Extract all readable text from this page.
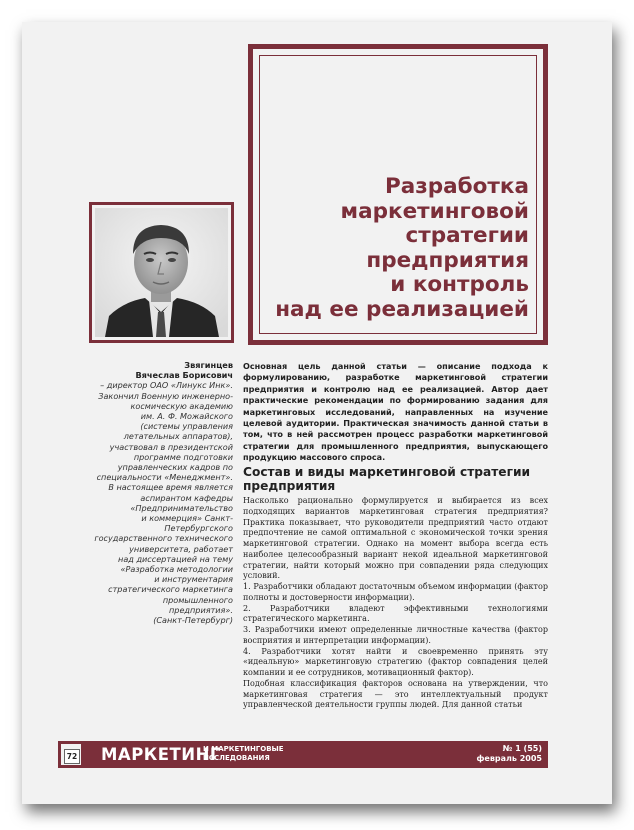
Разработка
маркетинговой
стратегии
предприятия
и контроль
над ее реализацией
Звягинцев
Вячеслав Борисович
– директор ОАО «Линукс Инк».
Закончил Военную инженерно-
космическую академию
им. А. Ф. Можайского
(системы управления
летательных аппаратов),
участвовал в президентской
программе подготовки
управленческих кадров по
специальности «Менеджмент».
В настоящее время является
аспирантом кафедры
«Предпринимательство
и коммерция» Санкт-
Петербургского
государственного технического
университета, работает
над диссертацией на тему
«Разработка методологии
и инструментария
стратегического маркетинга
промышленного
предприятия».
(Санкт-Петербург)
Основная цель данной статьи — описание подхода к формулированию, разработке маркетинговой стратегии предприятия и контролю над ее реализацией. Автор дает практические рекомендации по формированию задания для маркетинговых исследований, направленных на изучение целевой аудитории. Практическая значимость данной статьи в том, что в ней рассмотрен процесс разработки маркетинговой стратегии для промышленного предприятия, выпускающего продукцию массового спроса.
Состав и виды маркетинговой стратегии предприятия

Насколько рационально формулируется и выбирается из всех подходящих вариантов маркетинговая стратегия предприятия? Практика показывает, что руководители предприятий часто отдают предпочтение не самой оптимальной с экономической точки зрения маркетинговой стратегии. Однако на момент выбора всегда есть наиболее целесообразный вариант некой идеальной маркетинговой стратегии, найти который можно при совпадении ряда следующих условий.

1. Разработчики обладают достаточным объемом информации (фактор полноты и достоверности информации).

2. Разработчики владеют эффективными технологиями стратегического маркетинга.

3. Разработчики имеют определенные личностные качества (фактор восприятия и интерпретации информации).

4. Разработчики хотят найти и своевременно принять эту «идеальную» маркетинговую стратегию (фактор совпадения целей компании и ее сотрудников, мотивационный фактор).

Подобная классификация факторов основана на утверждении, что маркетинговая стратегия — это интеллектуальный продукт управленческой деятельности группы людей. Для данной статьи

72 МАРКЕТИНГ
И МАРКЕТИНГОВЫЕ
ИССЛЕДОВАНИЯ
№ 1 (55)
февраль 2005
